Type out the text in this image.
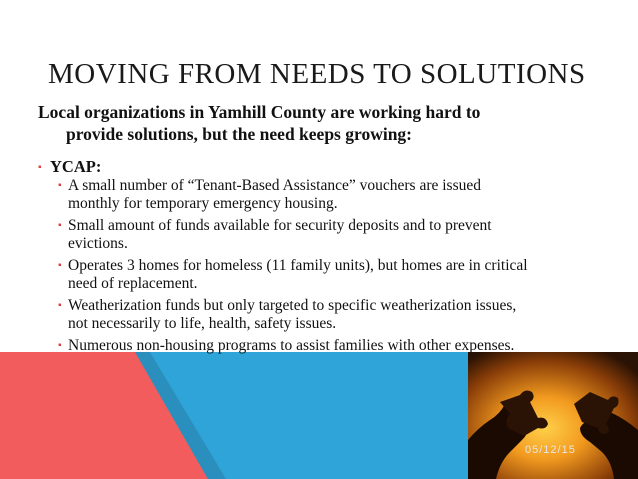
MOVING FROM NEEDS TO SOLUTIONS
Local organizations in Yamhill County are working hard to
provide solutions, but the need keeps growing:
▪
YCAP:
▪
A small number of “Tenant-Based Assistance” vouchers are issued
monthly for temporary emergency housing.
▪
Small amount of funds available for security deposits and to prevent
evictions.
▪
Operates 3 homes for homeless (11 family units), but homes are in critical
need of replacement.
▪
Weatherization funds but only targeted to specific weatherization issues,
not necessarily to life, health, safety issues.
▪
Numerous non-housing programs to assist families with other expenses.
05/12/15
